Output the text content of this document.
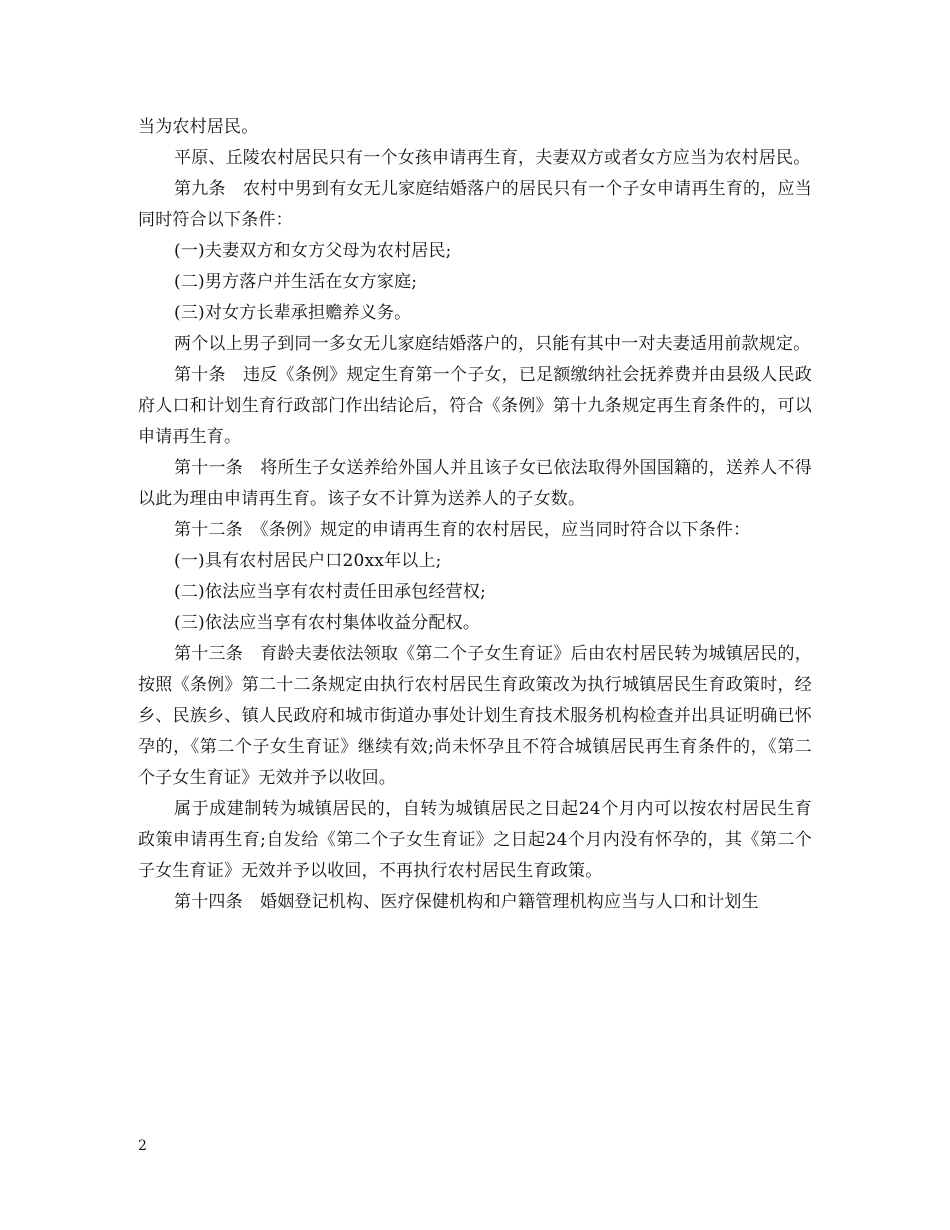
当为农村居民。

平原、丘陵农村居民只有一个女孩申请再生育，夫妻双方或者女方应当为农村居民。

第九条　农村中男到有女无儿家庭结婚落户的居民只有一个子女申请再生育的，应当同时符合以下条件：

(一)夫妻双方和女方父母为农村居民;

(二)男方落户并生活在女方家庭;

(三)对女方长辈承担赡养义务。

两个以上男子到同一多女无儿家庭结婚落户的，只能有其中一对夫妻适用前款规定。

第十条　违反《条例》规定生育第一个子女，已足额缴纳社会抚养费并由县级人民政府人口和计划生育行政部门作出结论后，符合《条例》第十九条规定再生育条件的，可以申请再生育。

第十一条　将所生子女送养给外国人并且该子女已依法取得外国国籍的，送养人不得以此为理由申请再生育。该子女不计算为送养人的子女数。

第十二条　《条例》规定的申请再生育的农村居民，应当同时符合以下条件：

(一)具有农村居民户口20xx年以上;

(二)依法应当享有农村责任田承包经营权;

(三)依法应当享有农村集体收益分配权。

第十三条　育龄夫妻依法领取《第二个子女生育证》后由农村居民转为城镇居民的，按照《条例》第二十二条规定由执行农村居民生育政策改为执行城镇居民生育政策时，经乡、民族乡、镇人民政府和城市街道办事处计划生育技术服务机构检查并出具证明确已怀孕的，《第二个子女生育证》继续有效;尚未怀孕且不符合城镇居民再生育条件的，《第二个子女生育证》无效并予以收回。

属于成建制转为城镇居民的，自转为城镇居民之日起24个月内可以按农村居民生育政策申请再生育;自发给《第二个子女生育证》之日起24个月内没有怀孕的，其《第二个子女生育证》无效并予以收回，不再执行农村居民生育政策。

第十四条　婚姻登记机构、医疗保健机构和户籍管理机构应当与人口和计划生

2
